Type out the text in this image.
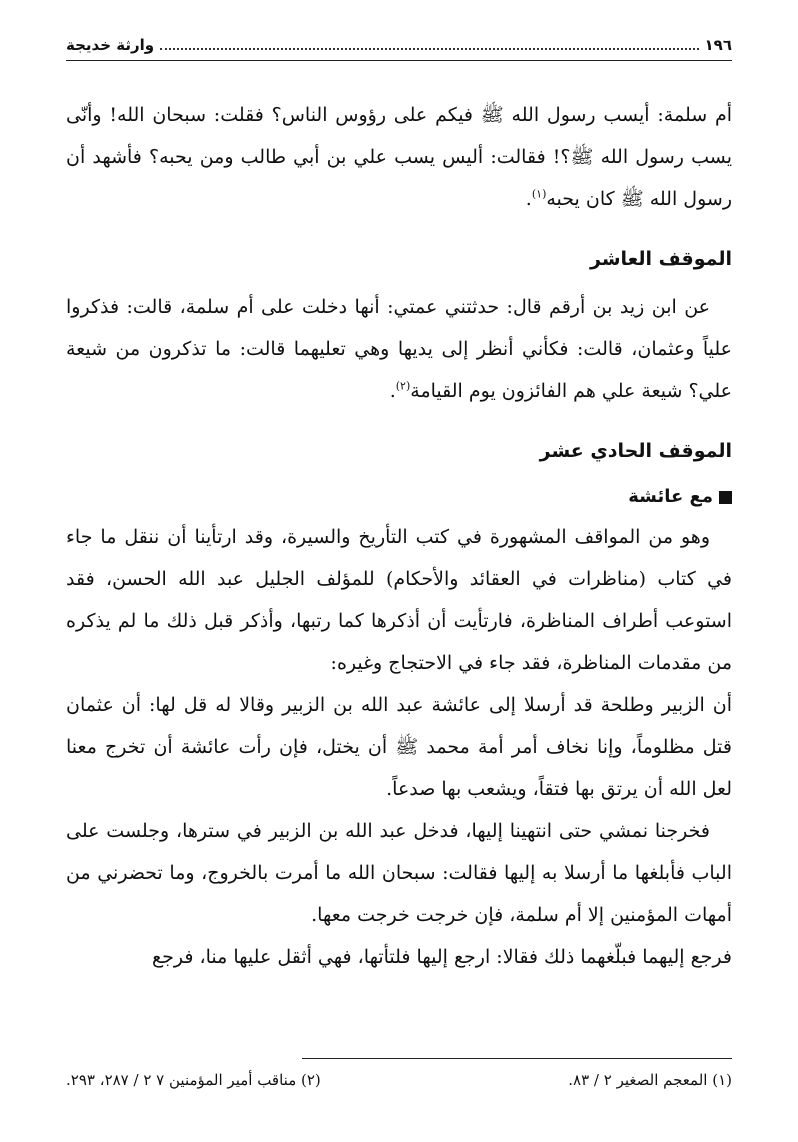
١٩٦
وارثة خديجة

أم سلمة: أيسب رسول الله ﷺ فيكم على رؤوس الناس؟ فقلت: سبحان الله! وأنّى يسب رسول الله ﷺ؟! فقالت: أليس يسب علي بن أبي طالب ومن يحبه؟ فأشهد أن رسول الله ﷺ كان يحبه$^{(١)}$.

الموقف العاشر

عن ابن زيد بن أرقم قال: حدثتني عمتي: أنها دخلت على أم سلمة، قالت: فذكروا علياً وعثمان، قالت: فكأني أنظر إلى يديها وهي تعليهما قالت: ما تذكرون من شيعة علي؟ شيعة علي هم الفائزون يوم القيامة$^{(٢)}$.

الموقف الحادي عشر
مع عائشة

وهو من المواقف المشهورة في كتب التأريخ والسيرة، وقد ارتأينا أن ننقل ما جاء في كتاب (مناظرات في العقائد والأحكام) للمؤلف الجليل عبد الله الحسن، فقد استوعب أطراف المناظرة، فارتأيت أن أذكرها كما رتبها، وأذكر قبل ذلك ما لم يذكره من مقدمات المناظرة، فقد جاء في الاحتجاج وغيره:

أن الزبير وطلحة قد أرسلا إلى عائشة عبد الله بن الزبير وقالا له قل لها: أن عثمان قتل مظلوماً، وإنا نخاف أمر أمة محمد ﷺ أن يختل، فإن رأت عائشة أن تخرج معنا لعل الله أن يرتق بها فتقاً، ويشعب بها صدعاً.

فخرجنا نمشي حتى انتهينا إليها، فدخل عبد الله بن الزبير في سترها، وجلست على الباب فأبلغها ما أرسلا به إليها فقالت: سبحان الله ما أمرت بالخروج، وما تحضرني من أمهات المؤمنين إلا أم سلمة، فإن خرجت خرجت معها.

فرجع إليهما فبلّغهما ذلك فقالا: ارجع إليها فلتأتها، فهي أثقل عليها منا، فرجع

(١) المعجم الصغير ٢ / ٨٣.
(٢) مناقب أمير المؤمنين ٧ ٢ / ٢٨٧، ٢٩٣.
